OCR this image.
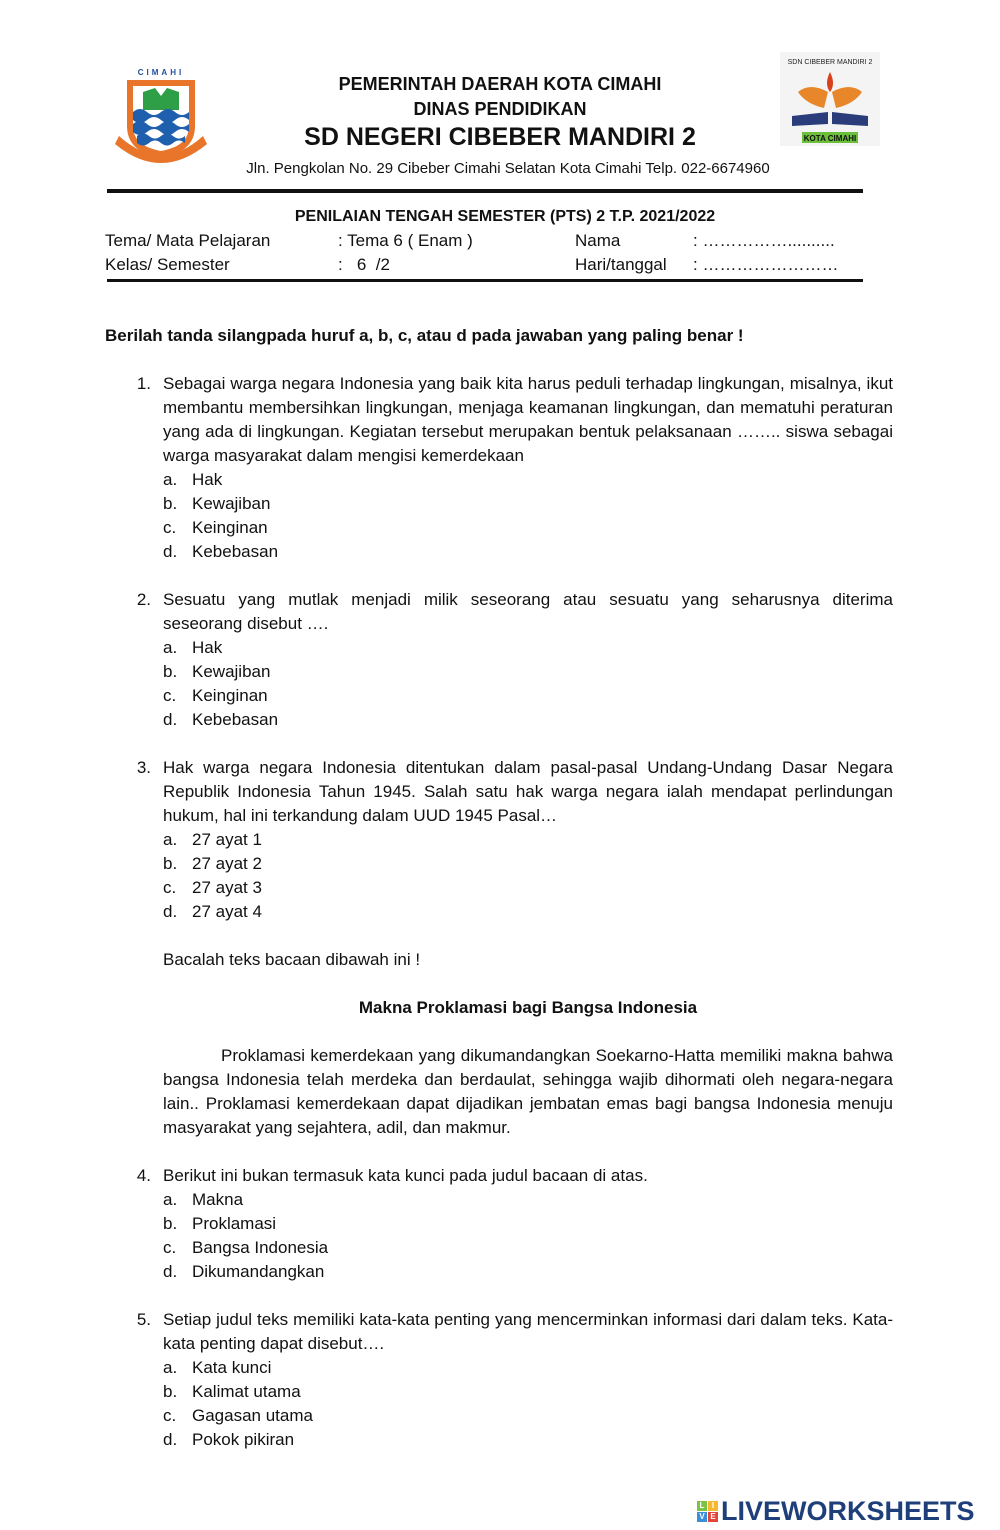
CIMAHI
SDN CIBEBER MANDIRI 2
KOTA CIMAHI
PEMERINTAH DAERAH KOTA CIMAHI
DINAS PENDIDIKAN
SD NEGERI CIBEBER MANDIRI 2
Jln. Pengkolan No. 29 Cibeber Cimahi Selatan Kota Cimahi Telp. 022-6674960
PENILAIAN TENGAH SEMESTER (PTS) 2 T.P. 2021/2022
Tema/ Mata Pelajaran	: Tema 6 ( Enam )	Nama	: ……………..........
Kelas/ Semester	:   6  /2	Hari/tanggal : ……………………
Berilah tanda silangpada huruf a, b, c, atau d pada jawaban yang paling benar !
1. Sebagai warga negara Indonesia yang baik kita harus peduli terhadap lingkungan, misalnya, ikut membantu membersihkan lingkungan, menjaga keamanan lingkungan, dan mematuhi peraturan yang ada di lingkungan. Kegiatan tersebut merupakan bentuk pelaksanaan …….. siswa sebagai warga masyarakat dalam mengisi kemerdekaan
a. Hak
b. Kewajiban
c. Keinginan
d. Kebebasan
2. Sesuatu yang mutlak menjadi milik seseorang atau sesuatu yang seharusnya diterima seseorang disebut ….
a. Hak
b. Kewajiban
c. Keinginan
d. Kebebasan
3. Hak warga negara Indonesia ditentukan dalam pasal-pasal Undang-Undang Dasar Negara Republik Indonesia Tahun 1945. Salah satu hak warga negara ialah mendapat perlindungan hukum, hal ini terkandung dalam UUD 1945 Pasal…
a. 27 ayat 1
b. 27 ayat 2
c. 27 ayat 3
d. 27 ayat 4
Bacalah teks bacaan dibawah ini !
Makna Proklamasi bagi Bangsa Indonesia
Proklamasi kemerdekaan yang dikumandangkan Soekarno-Hatta memiliki makna bahwa bangsa Indonesia telah merdeka dan berdaulat, sehingga wajib dihormati oleh negara-negara lain.. Proklamasi kemerdekaan dapat dijadikan jembatan emas bagi bangsa Indonesia menuju masyarakat yang sejahtera, adil, dan makmur.
4. Berikut ini bukan termasuk kata kunci pada judul bacaan di atas.
a. Makna
b. Proklamasi
c. Bangsa Indonesia
d. Dikumandangkan
5. Setiap judul teks memiliki kata-kata penting yang mencerminkan informasi dari dalam teks. Kata-kata penting dapat disebut….
a. Kata kunci
b. Kalimat utama
c. Gagasan utama
d. Pokok pikiran
L I
V E LIVEWORKSHEETS
